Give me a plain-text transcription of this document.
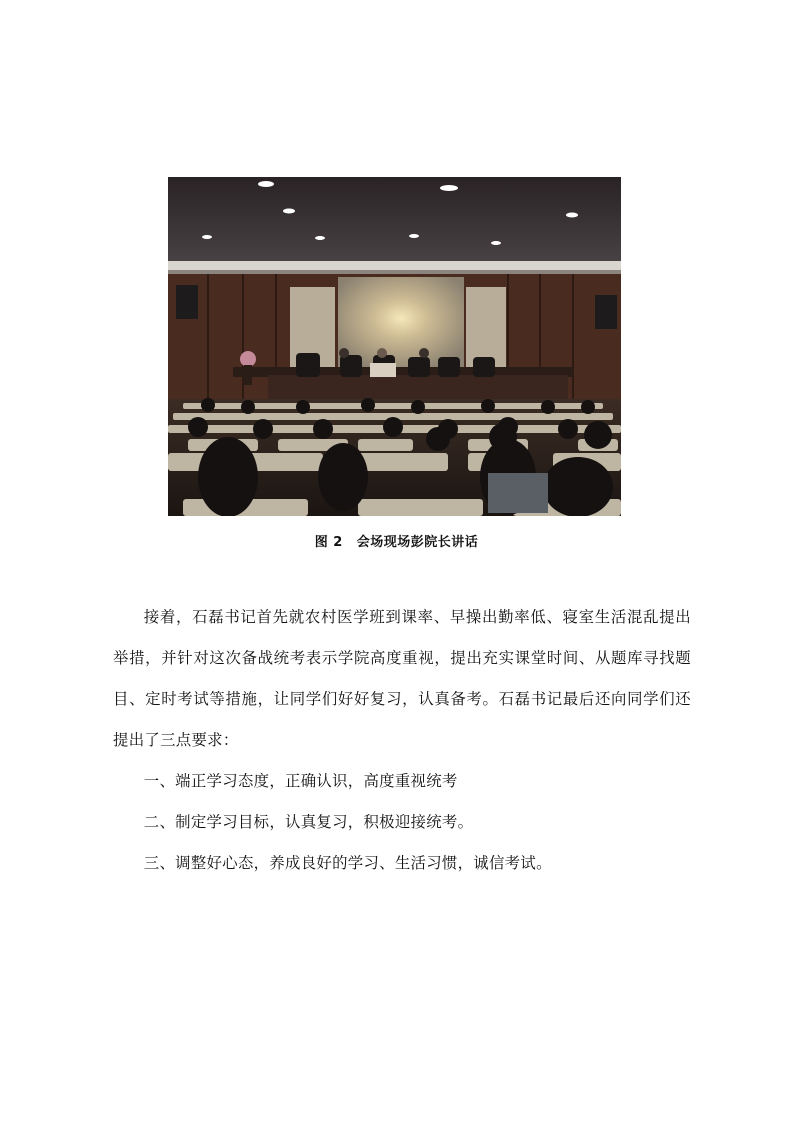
图 2 会场现场彭院长讲话

接着，石磊书记首先就农村医学班到课率、早操出勤率低、寝室生活混乱提出举措，并针对这次备战统考表示学院高度重视，提出充实课堂时间、从题库寻找题目、定时考试等措施，让同学们好好复习，认真备考。石磊书记最后还向同学们还提出了三点要求：

一、端正学习态度，正确认识，高度重视统考

二、制定学习目标，认真复习，积极迎接统考。

三、调整好心态，养成良好的学习、生活习惯，诚信考试。
